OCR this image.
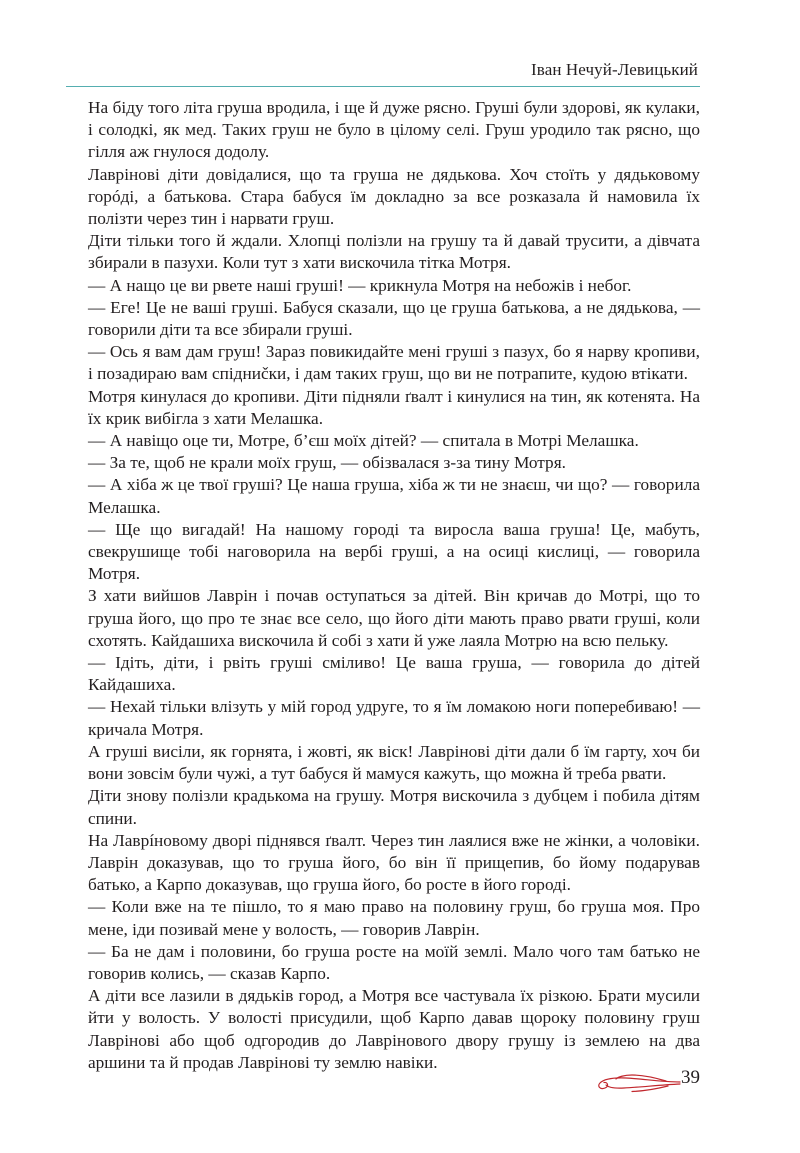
Іван Нечуй-Левицький

На біду того літа груша вродила, і ще й дуже рясно. Груші були здорові, як кулаки, і солодкі, як мед. Таких груш не було в цілому селі. Груш уродило так рясно, що гілля аж гнулося додолу.

Лаврінові діти довідалися, що та груша не дядькова. Хоч стоїть у дядьковому горóді, а батькова. Стара бабуся їм докладно за все розказала й намовила їх полізти через тин і нарвати груш.

Діти тільки того й ждали. Хлопці полізли на грушу та й давай трусити, а дівчата збирали в пазухи. Коли тут з хати вискочила тітка Мотря.

— А нащо це ви рвете наші груші! — крикнула Мотря на небожів і небог.

— Еге! Це не ваші груші. Бабуся сказали, що це груша батькова, а не дядькова, — говорили діти та все збирали груші.

— Ось я вам дам груш! Зараз повикидайте мені груші з пазух, бо я нарву кропиви, і позадираю вам спідниčки, і дам таких груш, що ви не потрапите, кудою втікати.

Мотря кинулася до кропиви. Діти підняли ґвалт і кинулися на тин, як котенята. На їх крик вибігла з хати Мелашка.

— А навіщо оце ти, Мотре, б’єш моїх дітей? — спитала в Мотрі Мелашка.

— За те, щоб не крали моїх груш, — обізвалася з-за тину Мотря.

— А хіба ж це твої груші? Це наша груша, хіба ж ти не знаєш, чи що? — говорила Мелашка.

— Ще що вигадай! На нашому городі та виросла ваша груша! Це, мабуть, свекрушище тобі наговорила на вербі груші, а на осиці кислиці, — говорила Мотря.

З хати вийшов Лаврін і почав оступаться за дітей. Він кричав до Мотрі, що то груша його, що про те знає все село, що його діти мають право рвати груші, коли схотять. Кайдашиха вискочила й собі з хати й уже лаяла Мотрю на всю пельку.

— Ідіть, діти, і рвіть груші сміливо! Це ваша груша, — говорила до дітей Кайдашиха.

— Нехай тільки влізуть у мій город удруге, то я їм ломакою ноги поперебиваю! — кричала Мотря.

А груші висіли, як горнята, і жовті, як віск! Лаврінові діти дали б їм гарту, хоч би вони зовсім були чужі, а тут бабуся й мамуся кажуть, що можна й треба рвати.

Діти знову полізли крадькома на грушу. Мотря вискочила з дубцем і побила дітям спини.

На Лаврíновому дворі піднявся ґвалт. Через тин лаялися вже не жінки, а чоловіки. Лаврін доказував, що то груша його, бо він її прищепив, бо йому подарував батько, а Карпо доказував, що груша його, бо росте в його городі.

— Коли вже на те пішло, то я маю право на половину груш, бо груша моя. Про мене, іди позивай мене у волость, — говорив Лаврін.

— Ба не дам і половини, бо груша росте на моїй землі. Мало чого там батько не говорив колись, — сказав Карпо.

А діти все лазили в дядьків город, а Мотря все частувала їх різкою. Брати мусили йти у волость. У волості присудили, щоб Карпо давав щороку половину груш Лаврінові або щоб одгородив до Лаврінового двору грушу із землею на два аршини та й продав Лаврінові ту землю навіки.

39
